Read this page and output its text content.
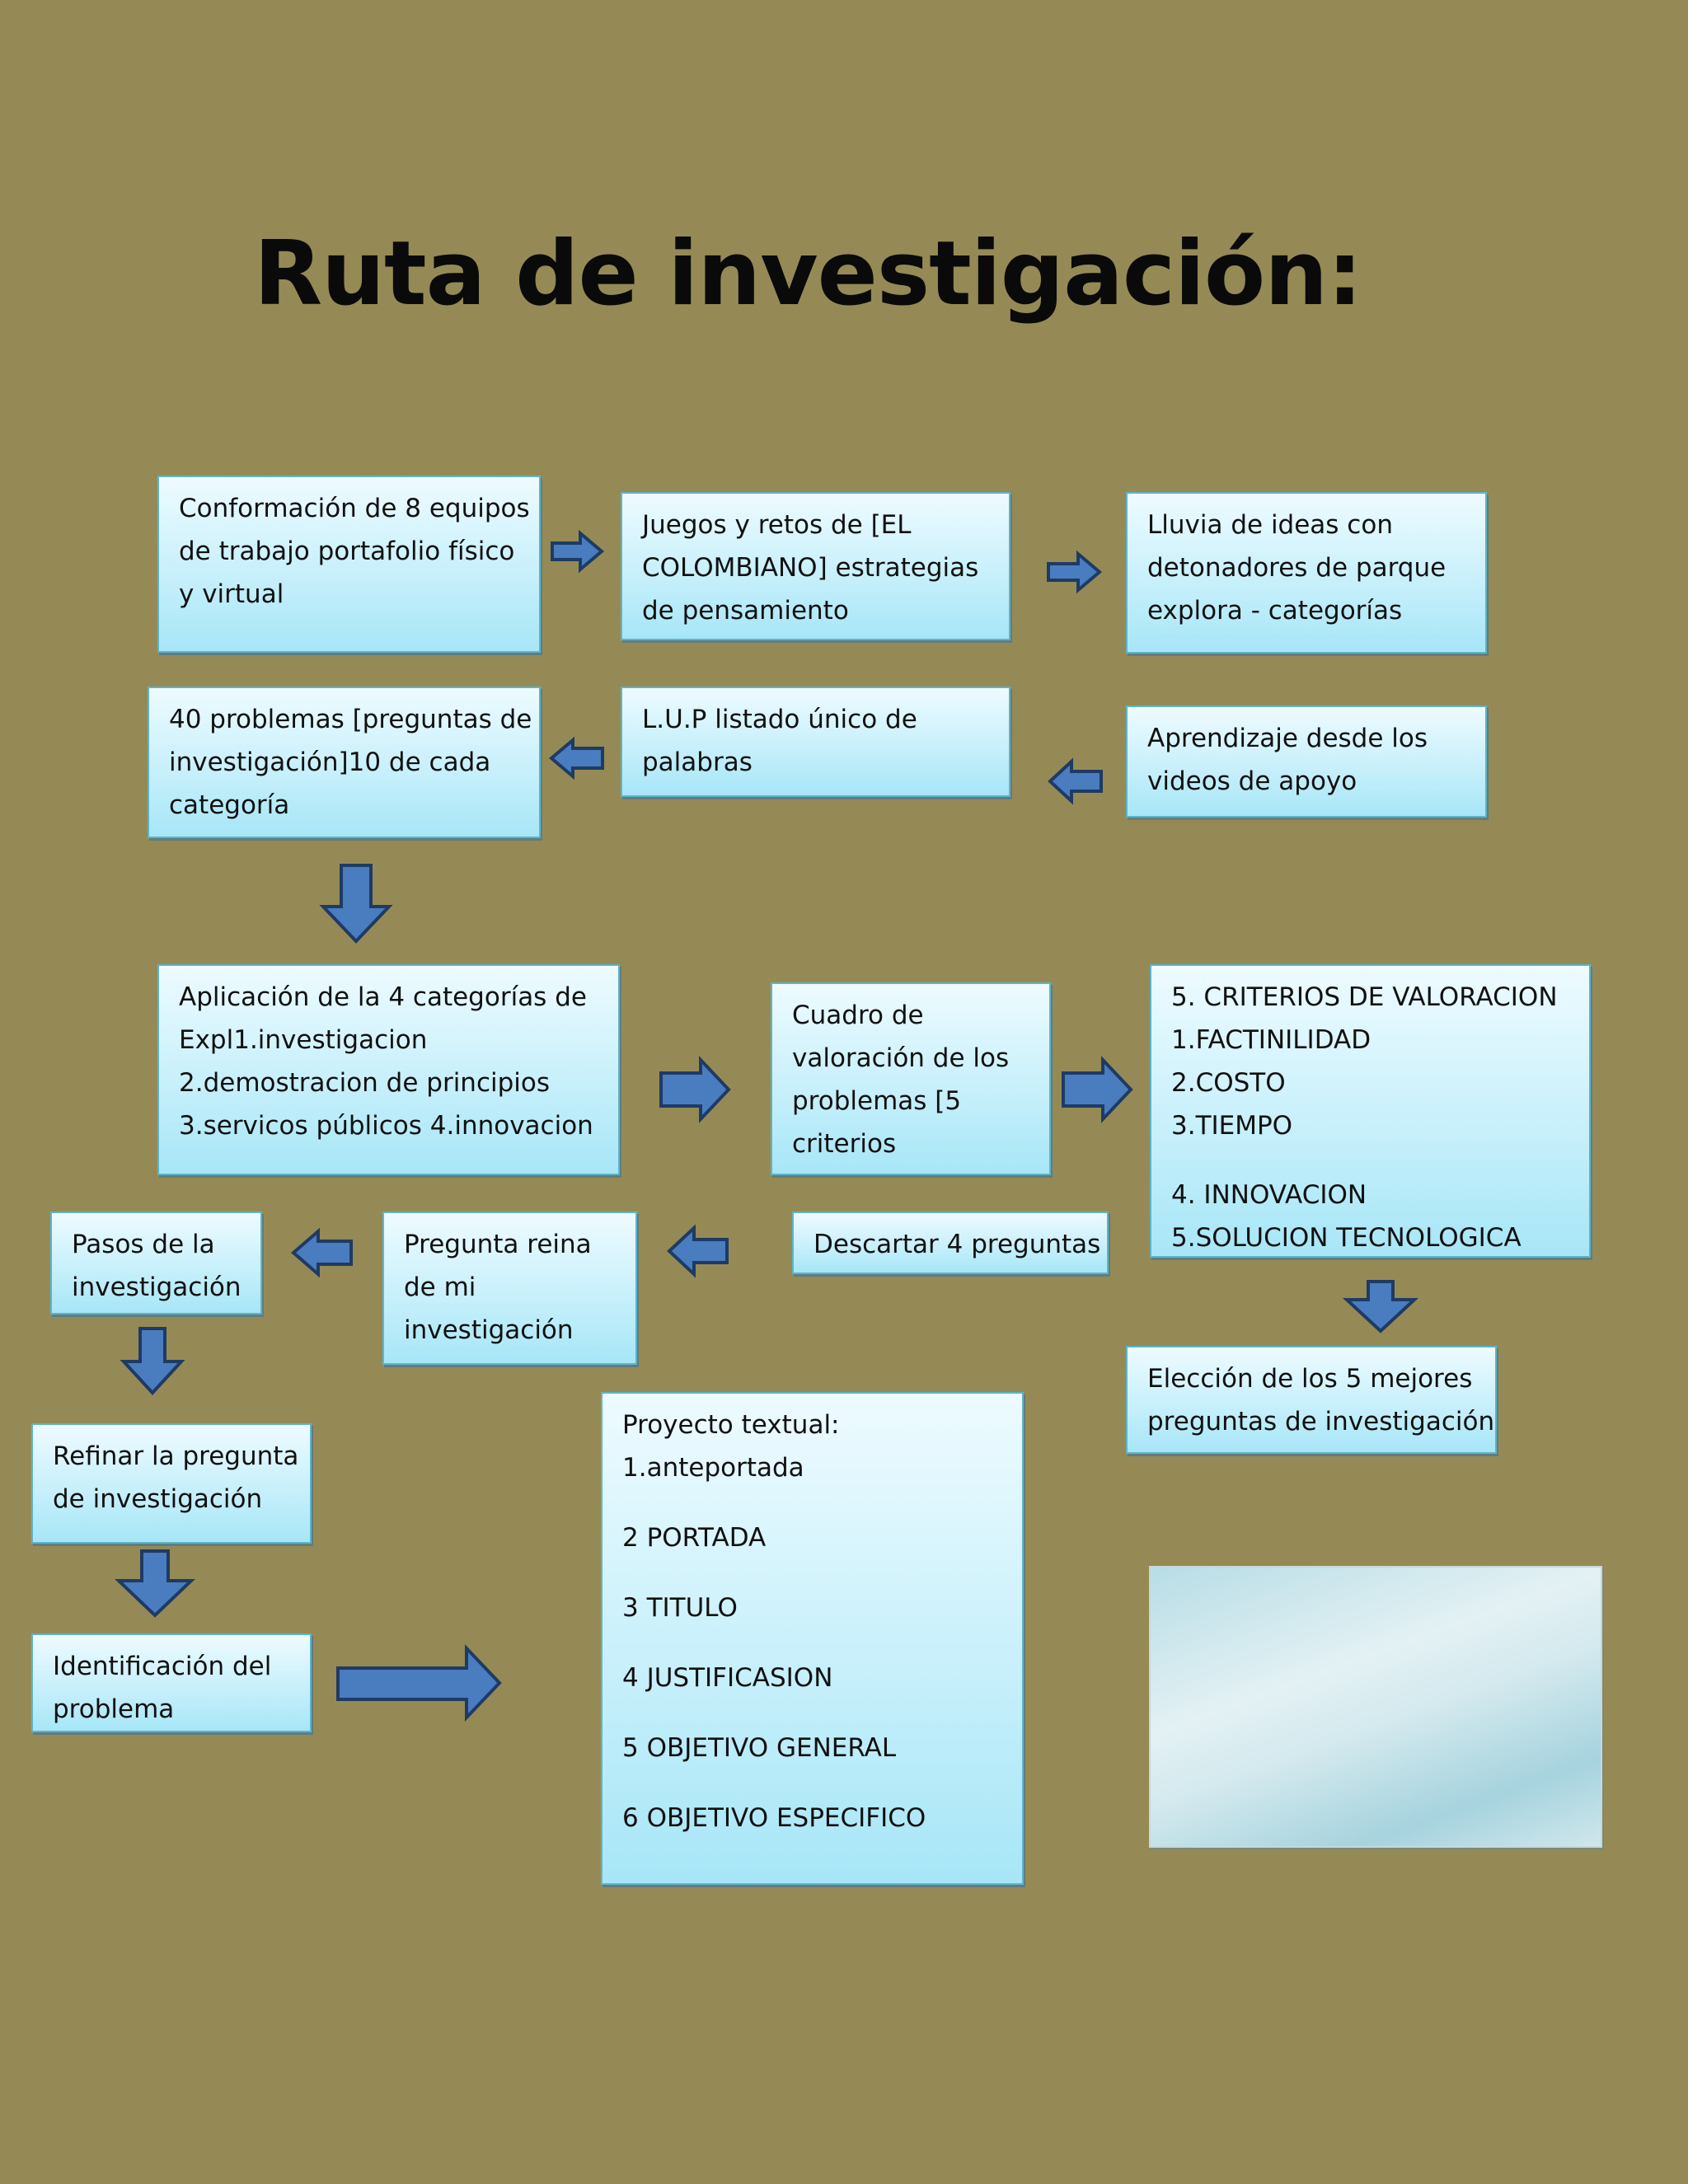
Ruta de investigación:
Conformación de 8 equipos
de trabajo portafolio físico
y virtual
Juegos y retos de [EL
COLOMBIANO] estrategias
de pensamiento
Lluvia de ideas con
detonadores de parque
explora - categorías
40 problemas [preguntas de
investigación]10 de cada
categoría
L.U.P listado único de
palabras
Aprendizaje desde los
videos de apoyo
Aplicación de la 4 categorías de
Expl1.investigacion
2.demostracion de principios
3.servicos públicos 4.innovacion
Cuadro de
valoración de los
problemas [5
criterios
5. CRITERIOS DE VALORACION
1.FACTINILIDAD
2.COSTO
3.TIEMPO
4. INNOVACION
5.SOLUCION TECNOLOGICA
Pasos de la
investigación
Pregunta reina
de mi
investigación
Descartar 4 preguntas
Elección de los 5 mejores
preguntas de investigación
Refinar la pregunta
de investigación
Identificación del
problema
Proyecto textual:
1.anteportada
2 PORTADA
3 TITULO
4 JUSTIFICASION
5 OBJETIVO GENERAL
6 OBJETIVO ESPECIFICO
